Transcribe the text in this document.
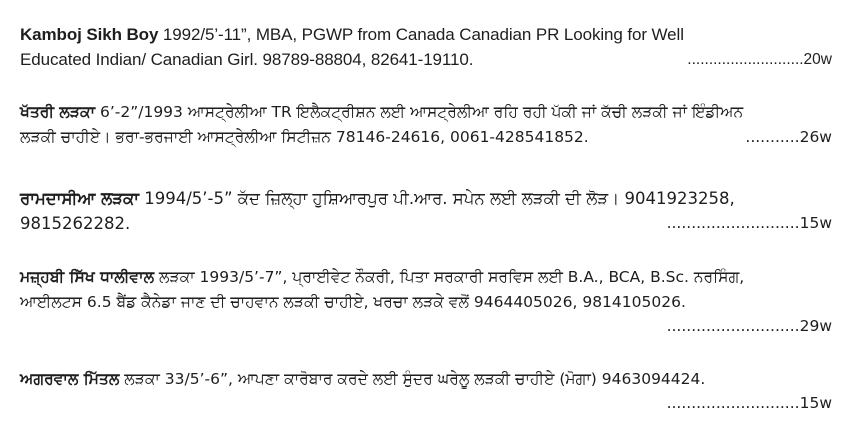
Kamboj Sikh Boy 1992/5’-11”, MBA, PGWP from Canada Canadian PR Looking for Well
Educated Indian/ Canadian Girl. 98789-88804, 82641-19110.	...........................20w
ਖੱਤਰੀ ਲੜਕਾ 6’-2”/1993 ਆਸਟ੍ਰੇਲੀਆ TR ਇਲੈਕਟ੍ਰੀਸ਼ਨ ਲਈ ਆਸਟ੍ਰੇਲੀਆ ਰਹਿ ਰਹੀ ਪੱਕੀ ਜਾਂ ਕੱਚੀ ਲੜਕੀ ਜਾਂ ਇੰਡੀਅਨ
ਲੜਕੀ ਚਾਹੀਏ। ਭਰਾ-ਭਰਜਾਈ ਆਸਟ੍ਰੇਲੀਆ ਸਿਟੀਜ਼ਨ 78146-24616, 0061-428541852.	...........26w
ਰਾਮਦਾਸੀਆ ਲੜਕਾ 1994/5’-5” ਕੱਦ ਜ਼ਿਲ੍ਹਾ ਹੁਸ਼ਿਆਰਪੁਰ ਪੀ.ਆਰ. ਸਪੇਨ ਲਈ ਲੜਕੀ ਦੀ ਲੋੜ। 9041923258,
9815262282.	...........................15w
ਮਜ਼੍ਹਬੀ ਸਿੱਖ ਧਾਲੀਵਾਲ ਲੜਕਾ 1993/5’-7”, ਪ੍ਰਾਈਵੇਟ ਨੌਕਰੀ, ਪਿਤਾ ਸਰਕਾਰੀ ਸਰਵਿਸ ਲਈ B.A., BCA, B.Sc. ਨਰਸਿੰਗ,
ਆਈਲਟਸ 6.5 ਬੈਂਡ ਕੈਨੇਡਾ ਜਾਣ ਦੀ ਚਾਹਵਾਨ ਲੜਕੀ ਚਾਹੀਏ, ਖਰਚਾ ਲੜਕੇ ਵਲੋਂ 9464405026, 9814105026.
...........................29w
ਅਗਰਵਾਲ ਮਿੱਤਲ ਲੜਕਾ 33/5’-6”, ਆਪਣਾ ਕਾਰੋਬਾਰ ਕਰਦੇ ਲਈ ਸੁੰਦਰ ਘਰੇਲੂ ਲੜਕੀ ਚਾਹੀਏ (ਮੋਗਾ) 9463094424.
...........................15w
